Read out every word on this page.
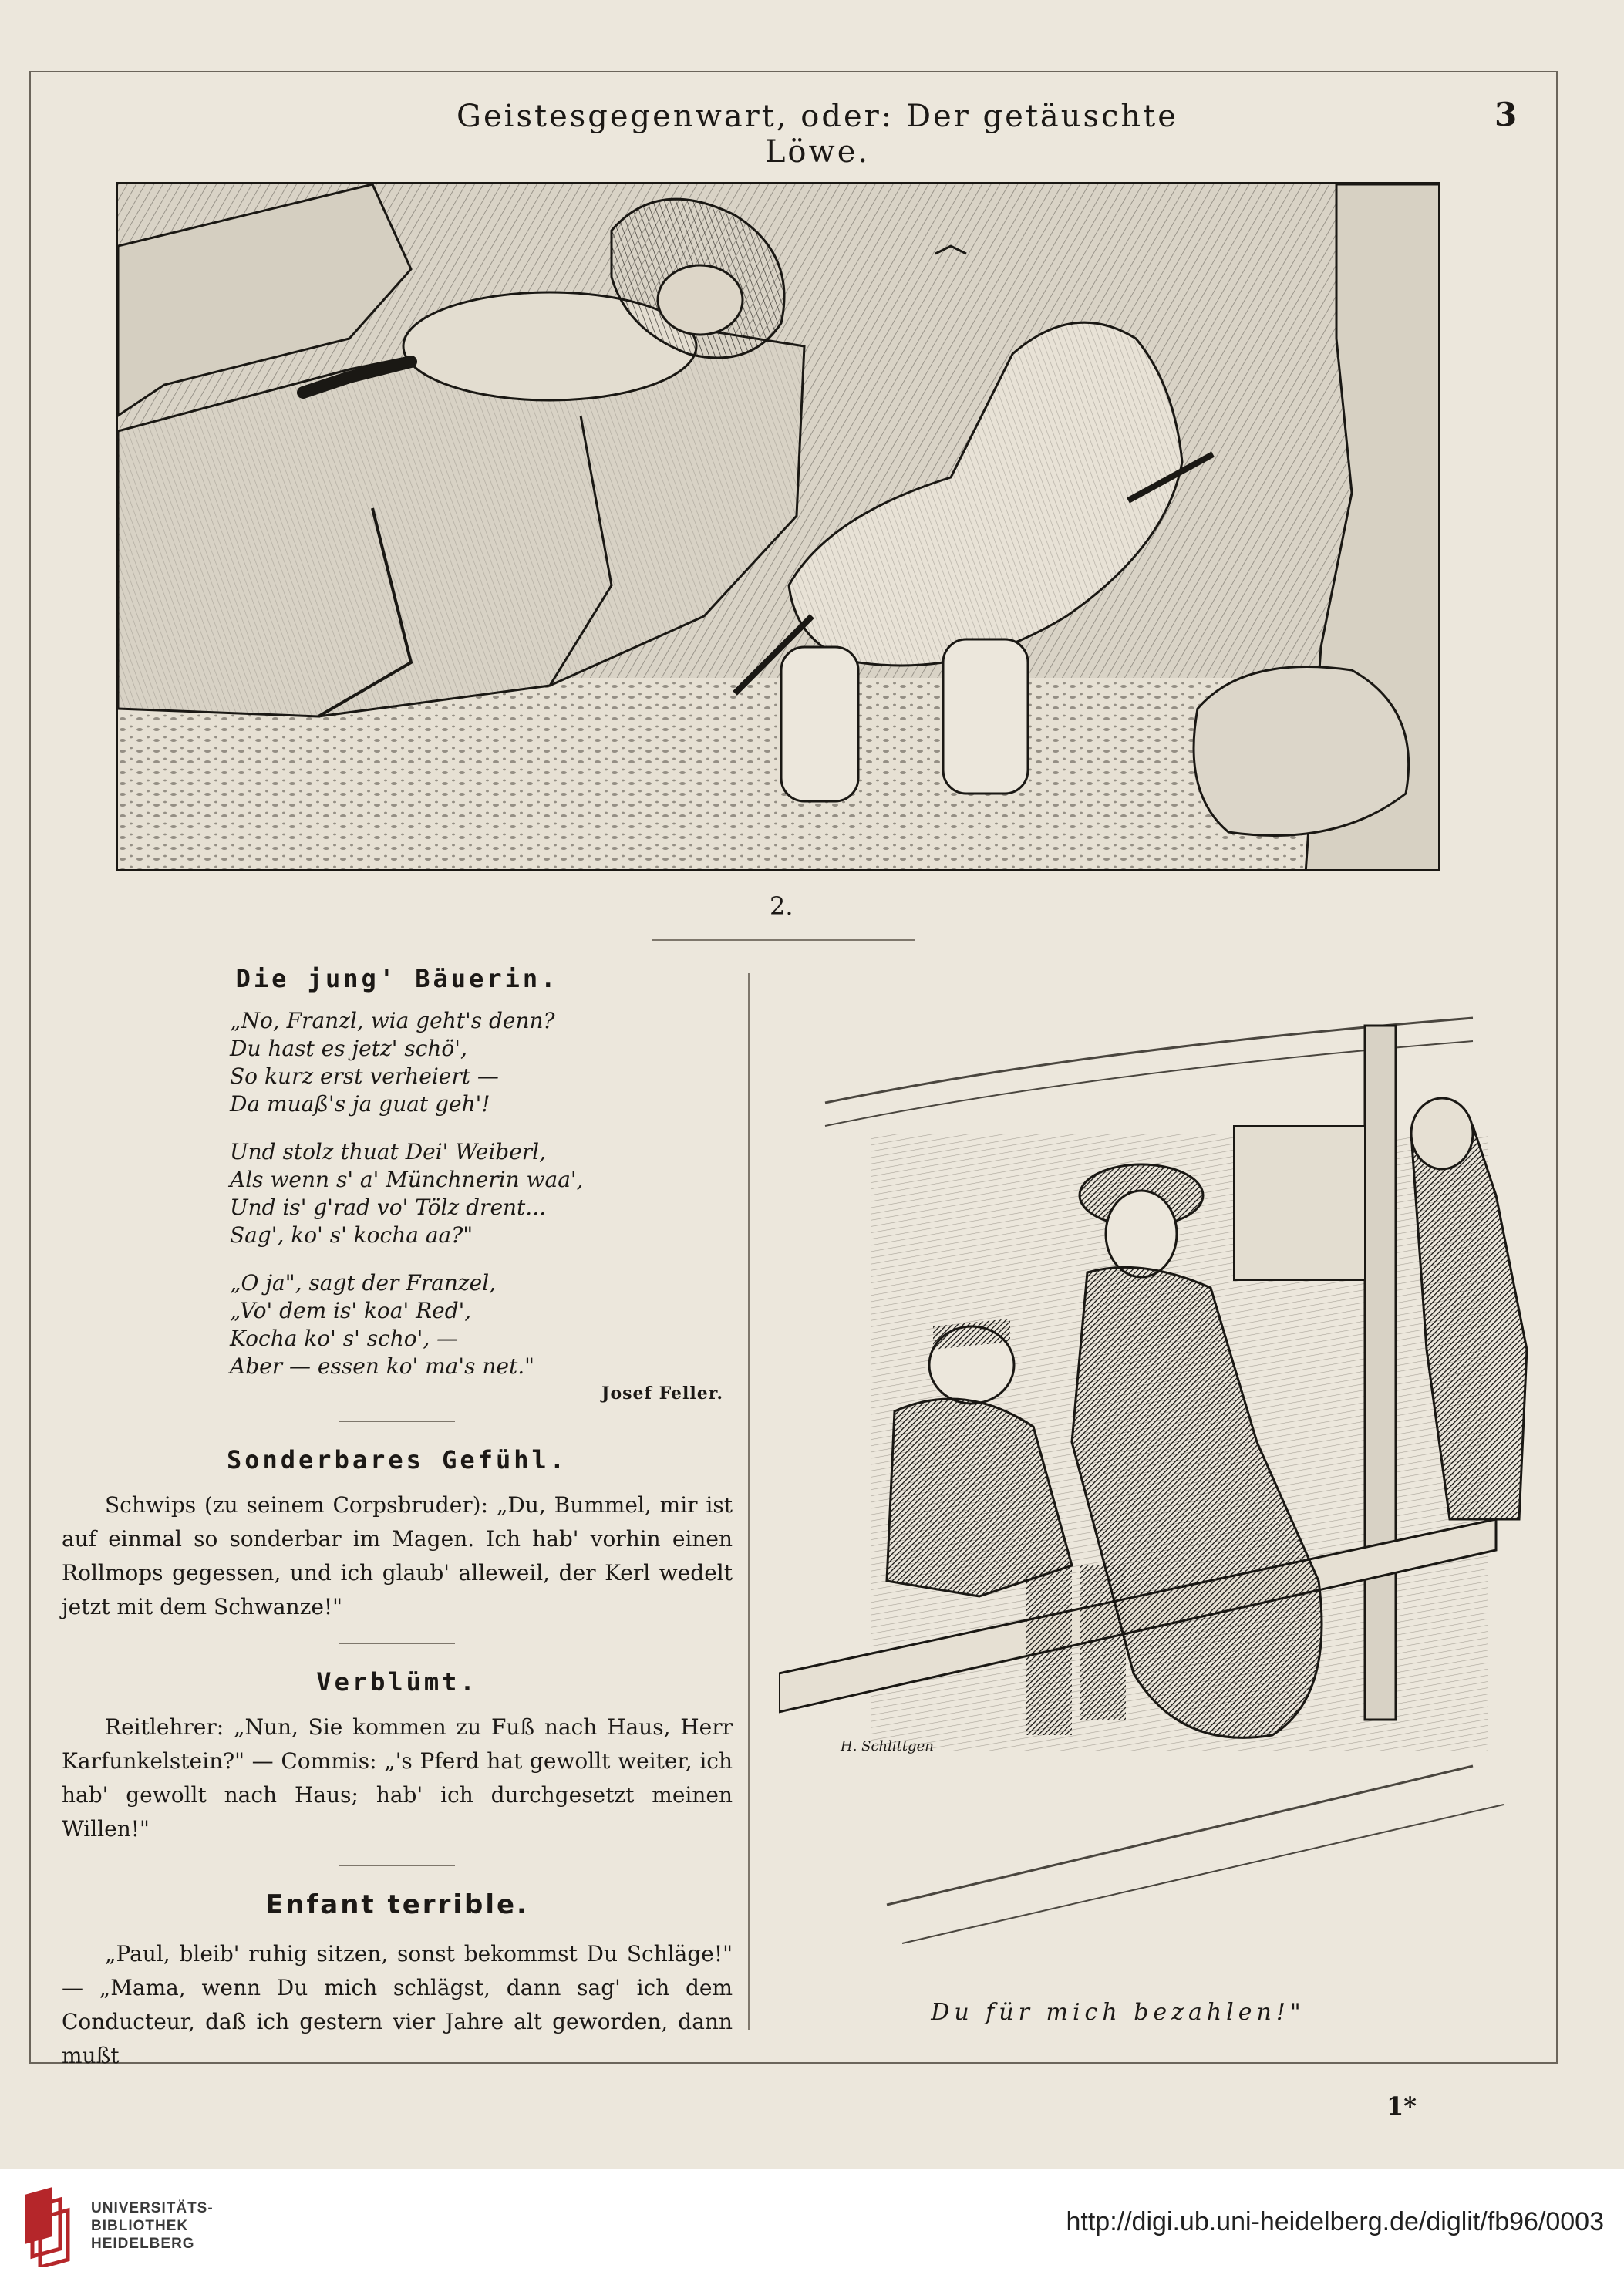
Geistesgegenwart, oder: Der getäuschte Löwe.
3
2.
Die jung' Bäuerin.
„No, Franzl, wia geht's denn?
Du hast es jetz' schö',
So kurz erst verheiert —
Da muaß's ja guat geh'!
Und stolz thuat Dei' Weiberl,
Als wenn s' a' Münchnerin waa',
Und is' g'rad vo' Tölz drent...
Sag', ko' s' kocha aa?"
„O ja", sagt der Franzel,
„Vo' dem is' koa' Red',
Kocha ko' s' scho', —
Aber — essen ko' ma's net."
Josef Feller.
Sonderbares Gefühl.
Schwips (zu seinem Corpsbruder): „Du, Bummel, mir ist auf einmal so sonderbar im Magen. Ich hab' vorhin einen Rollmops gegessen, und ich glaub' alleweil, der Kerl wedelt jetzt mit dem Schwanze!"
Verblümt.
Reitlehrer: „Nun, Sie kommen zu Fuß nach Haus, Herr Karfunkelstein?" — Commis: „'s Pferd hat gewollt weiter, ich hab' gewollt nach Haus; hab' ich durchgesetzt meinen Willen!"
Enfant terrible.
„Paul, bleib' ruhig sitzen, sonst bekommst Du Schläge!" — „Mama, wenn Du mich schlägst, dann sag' ich dem Conducteur, daß ich gestern vier Jahre alt geworden, dann mußt
H. Schlittgen
Du für mich bezahlen!"
1*
UNIVERSITÄTS-
BIBLIOTHEK
HEIDELBERG
http://digi.ub.uni-heidelberg.de/diglit/fb96/0003
